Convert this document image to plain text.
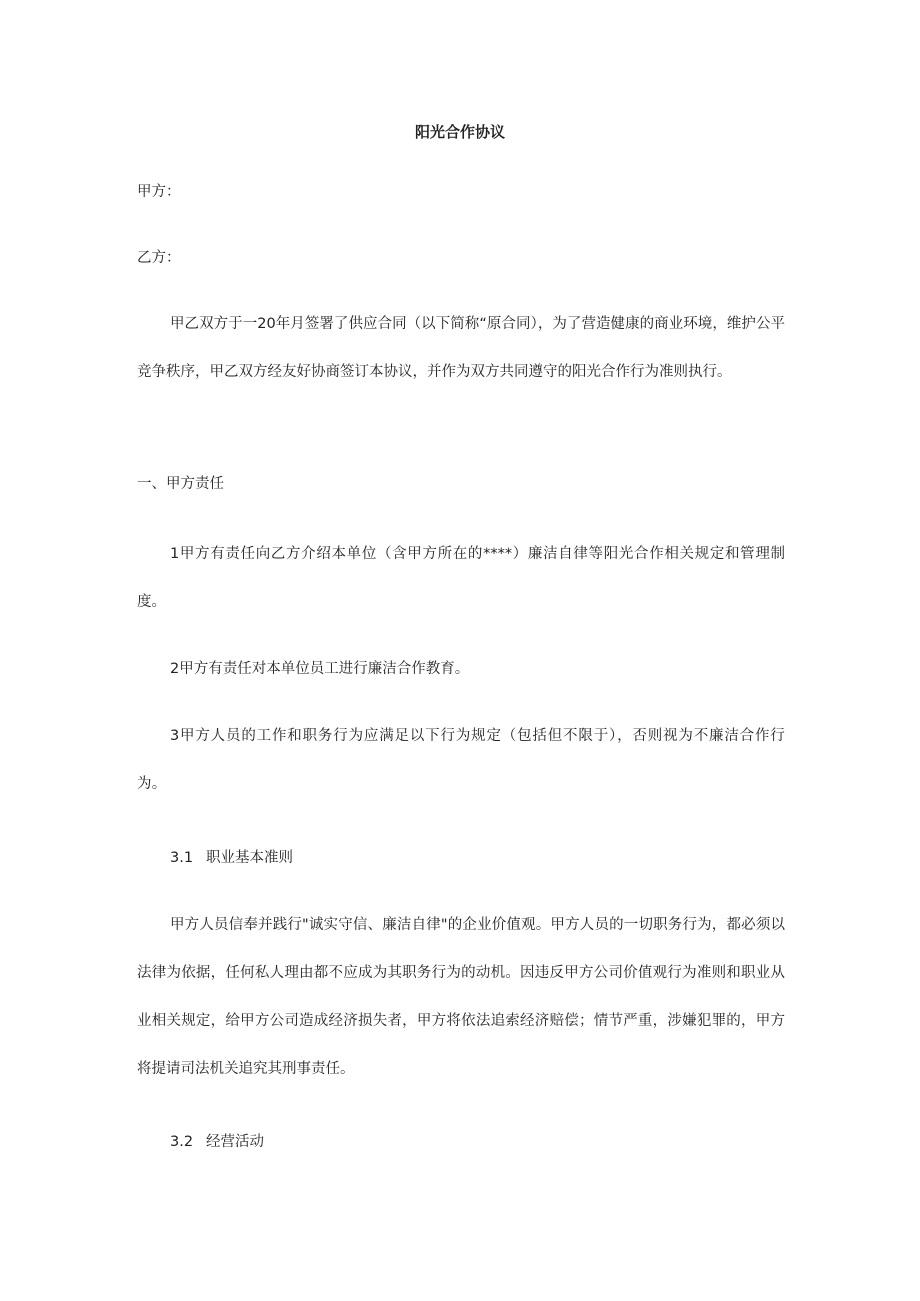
阳光合作协议
甲方：
乙方：
甲乙双方于一20年月签署了供应合同（以下简称“原合同），为了营造健康的商业环境，维护公平竞争秩序，甲乙双方经友好协商签订本协议，并作为双方共同遵守的阳光合作行为准则执行。
一、甲方责任
1甲方有责任向乙方介绍本单位（含甲方所在的****）廉洁自律等阳光合作相关规定和管理制度。
2甲方有责任对本单位员工进行廉洁合作教育。
3甲方人员的工作和职务行为应满足以下行为规定（包括但不限于），否则视为不廉洁合作行为。
3.1 职业基本准则
甲方人员信奉并践行"诚实守信、廉洁自律"的企业价值观。甲方人员的一切职务行为，都必须以法律为依据，任何私人理由都不应成为其职务行为的动机。因违反甲方公司价值观行为准则和职业从业相关规定，给甲方公司造成经济损失者，甲方将依法追索经济赔偿；情节严重，涉嫌犯罪的，甲方将提请司法机关追究其刑事责任。
3.2 经营活动
